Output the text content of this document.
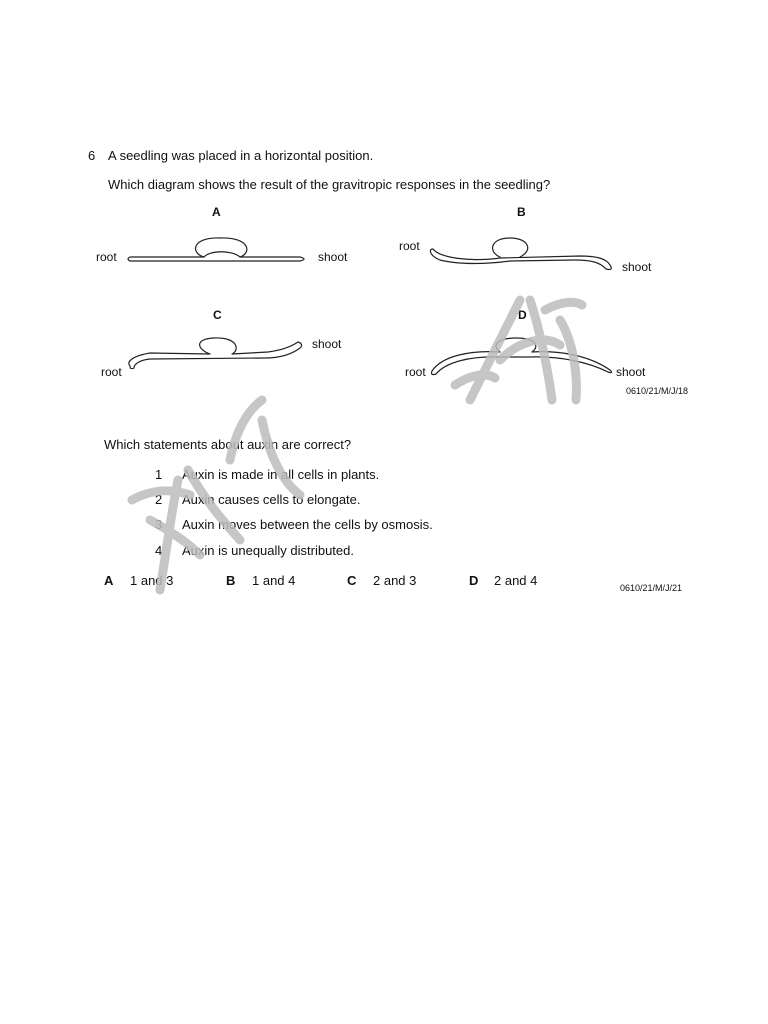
6 A seedling was placed in a horizontal position.
Which diagram shows the result of the gravitropic responses in the seedling?
A
root	shoot
B
root
shoot
C
root
shoot
D
root	shoot
0610/21/M/J/18
Which statements about auxin are correct?
1 Auxin is made in all cells in plants.
2 Auxin causes cells to elongate.
3 Auxin moves between the cells by osmosis.
4 Auxin is unequally distributed.
A 1 and 3	B 1 and 4	C 2 and 3	D 2 and 4	0610/21/M/J/21
